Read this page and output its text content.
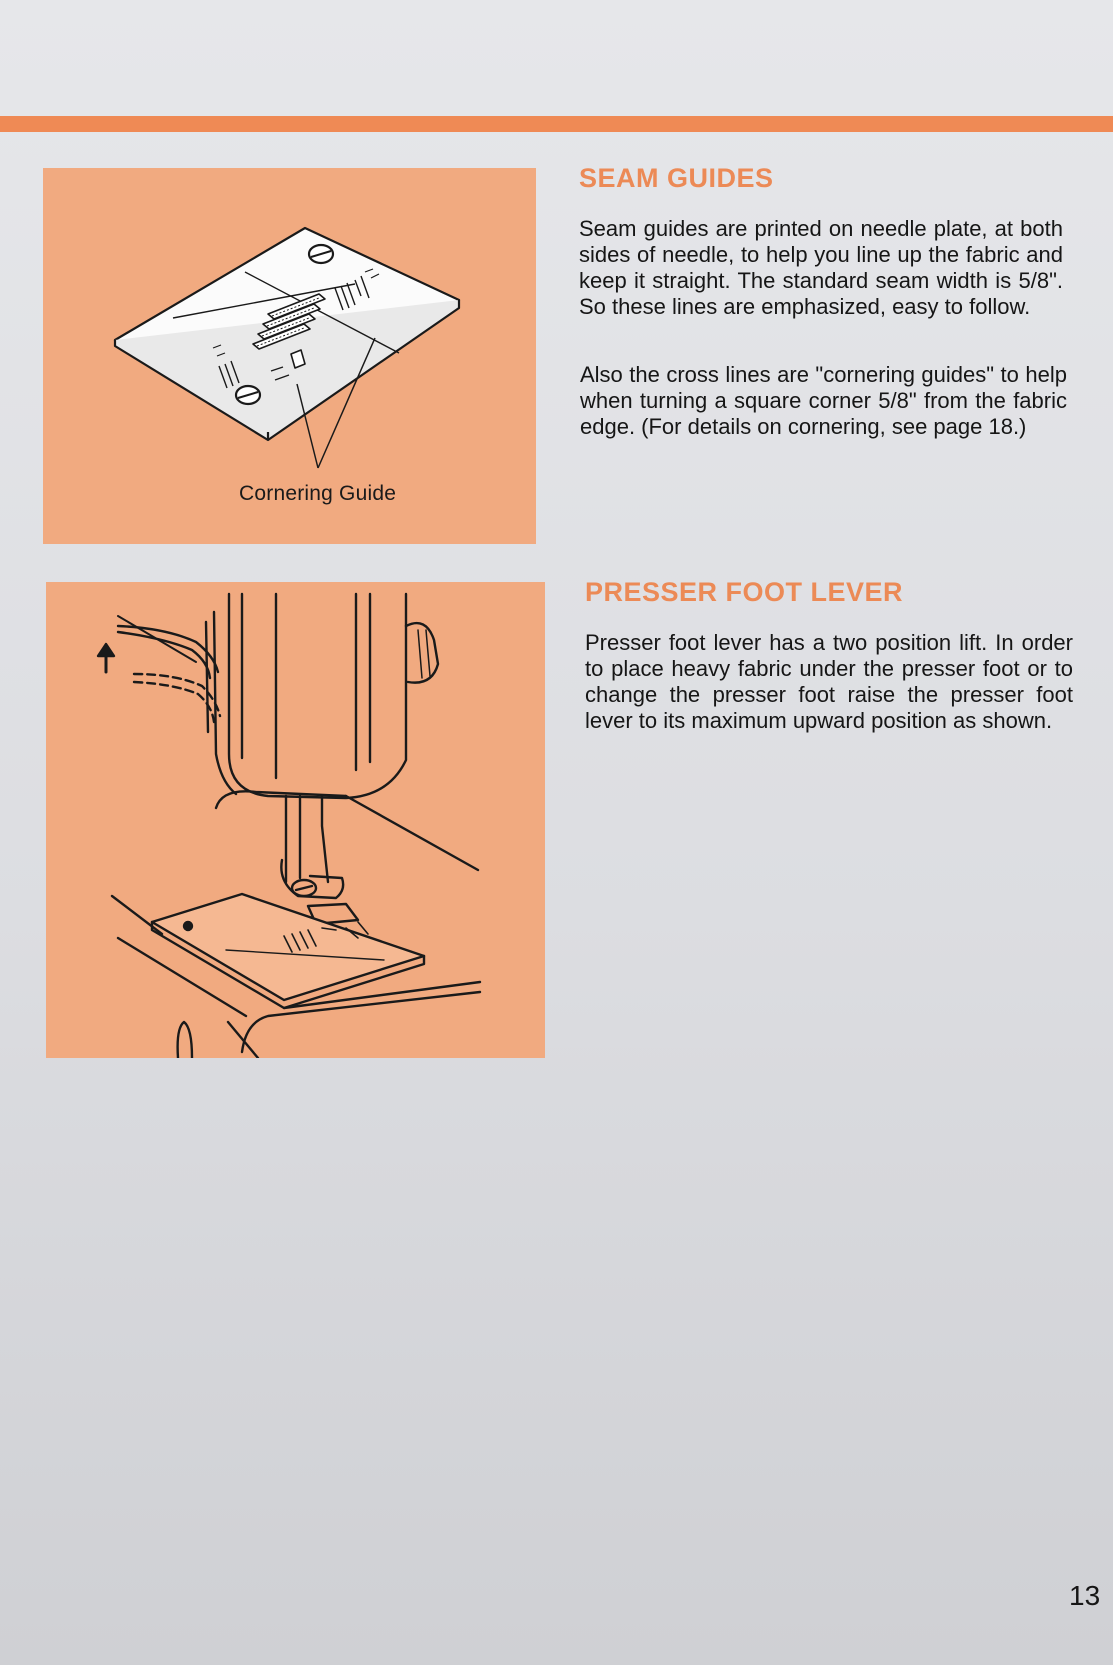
Cornering Guide
SEAM GUIDES

Seam guides are printed on needle plate, at both sides of needle, to help you line up the fabric and keep it straight. The standard seam width is 5/8". So these lines are emphasized, easy to follow.

Also the cross lines are "cornering guides" to help when turning a square corner 5/8" from the fabric edge. (For details on cornering, see page 18.)

PRESSER FOOT LEVER

Presser foot lever has a two position lift. In order to place heavy fabric under the presser foot or to change the presser foot raise the presser foot lever to its maximum upward position as shown.

13
